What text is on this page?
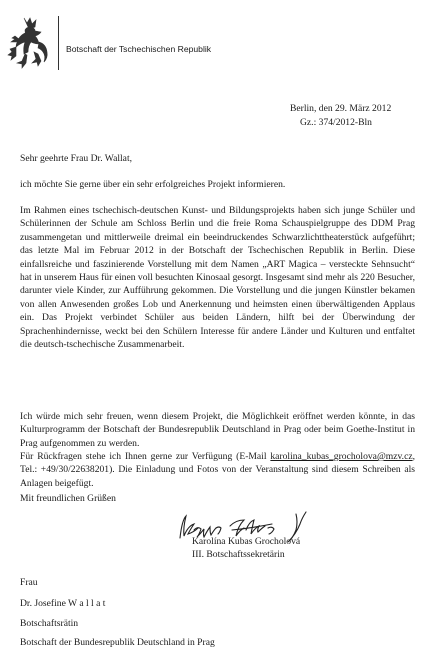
Botschaft der Tschechischen Republik
Berlin, den 29. März 2012
Gz.: 374/2012-Bln
Sehr geehrte Frau Dr. Wallat,
ich möchte Sie gerne über ein sehr erfolgreiches Projekt informieren.
Im Rahmen eines tschechisch-deutschen Kunst- und Bildungsprojekts haben sich junge Schüler und Schülerinnen der Schule am Schloss Berlin und die freie Roma Schauspielgruppe des DDM Prag zusammengetan und mittlerweile dreimal ein beeindruckendes Schwarzlichttheaterstück aufgeführt; das letzte Mal im Februar 2012 in der Botschaft der Tschechischen Republik in Berlin. Diese einfallsreiche und faszinierende Vorstellung mit dem Namen „ART Magica – versteckte Sehnsucht“ hat in unserem Haus für einen voll besuchten Kinosaal gesorgt. Insgesamt sind mehr als 220 Besucher, darunter viele Kinder, zur Aufführung gekommen. Die Vorstellung und die jungen Künstler bekamen von allen Anwesenden großes Lob und Anerkennung und heimsten einen überwältigenden Applaus ein. Das Projekt verbindet Schüler aus beiden Ländern, hilft bei der Überwindung der Sprachenhindernisse, weckt bei den Schülern Interesse für andere Länder und Kulturen und entfaltet die deutsch-tschechische Zusammenarbeit.
Ich würde mich sehr freuen, wenn diesem Projekt, die Möglichkeit eröffnet werden könnte, in das Kulturprogramm der Botschaft der Bundesrepublik Deutschland in Prag oder beim Goethe-Institut in Prag aufgenommen zu werden.
Für Rückfragen stehe ich Ihnen gerne zur Verfügung (E-Mail karolina_kubas_grocholova@mzv.cz, Tel.: +49/30/22638201). Die Einladung und Fotos von der Veranstaltung sind diesem Schreiben als Anlagen beigefügt.
Mit freundlichen Grüßen
Karolína Kubas Grocholová
III. Botschaftssekretärin
Frau
Dr. Josefine W a l l a t
Botschaftsrätin
Botschaft der Bundesrepublik Deutschland in Prag
